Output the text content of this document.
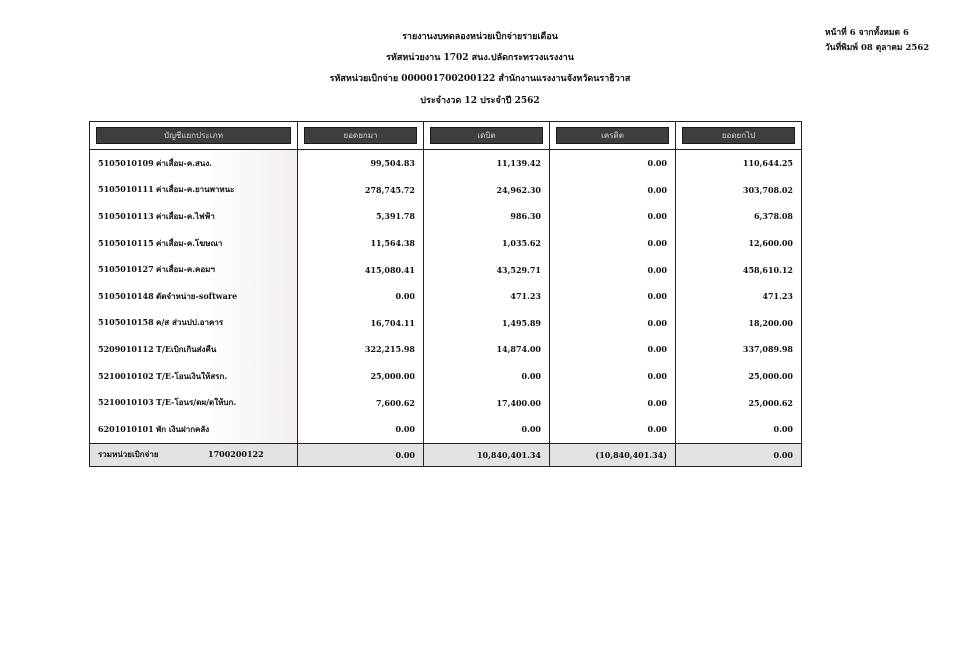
รายงานงบทดลองหน่วยเบิกจ่ายรายเดือน
รหัสหน่วยงาน 1702 สนง.ปลัดกระทรวงแรงงาน
รหัสหน่วยเบิกจ่าย 000001700200122 สำนักงานแรงงานจังหวัดนราธิวาส
ประจำงวด 12 ประจำปี 2562
หน้าที่ 6 จากทั้งหมด 6
วันที่พิมพ์ 08 ตุลาคม 2562
บัญชีแยกประเภท	ยอดยกมา	เดบิต	เครดิต	ยอดยกไป

5105010109 ค่าเสื่อม-ค.สนง.	99,504.83	11,139.42	0.00	110,644.25
5105010111 ค่าเสื่อม-ค.ยานพาหนะ	278,745.72	24,962.30	0.00	303,708.02
5105010113 ค่าเสื่อม-ค.ไฟฟ้า	5,391.78	986.30	0.00	6,378.08
5105010115 ค่าเสื่อม-ค.โฆษณา	11,564.38	1,035.62	0.00	12,600.00
5105010127 ค่าเสื่อม-ค.คอมฯ	415,080.41	43,529.71	0.00	458,610.12
5105010148 ตัดจำหน่าย-software	0.00	471.23	0.00	471.23
5105010158 ค/ส ส่วนปป.อาคาร	16,704.11	1,495.89	0.00	18,200.00
5209010112 T/Eเบิกเกินส่งคืน	322,215.98	14,874.00	0.00	337,089.98
5210010102 T/E-โอนเงินให้สรก.	25,000.00	0.00	0.00	25,000.00
5210010103 T/E-โอนร/ดผ/ดให้บก.	7,600.62	17,400.00	0.00	25,000.62
6201010101 พัก เงินฝากคลัง	0.00	0.00	0.00	0.00
รวมหน่วยเบิกจ่าย 1700200122	0.00	10,840,401.34	(10,840,401.34)	0.00
